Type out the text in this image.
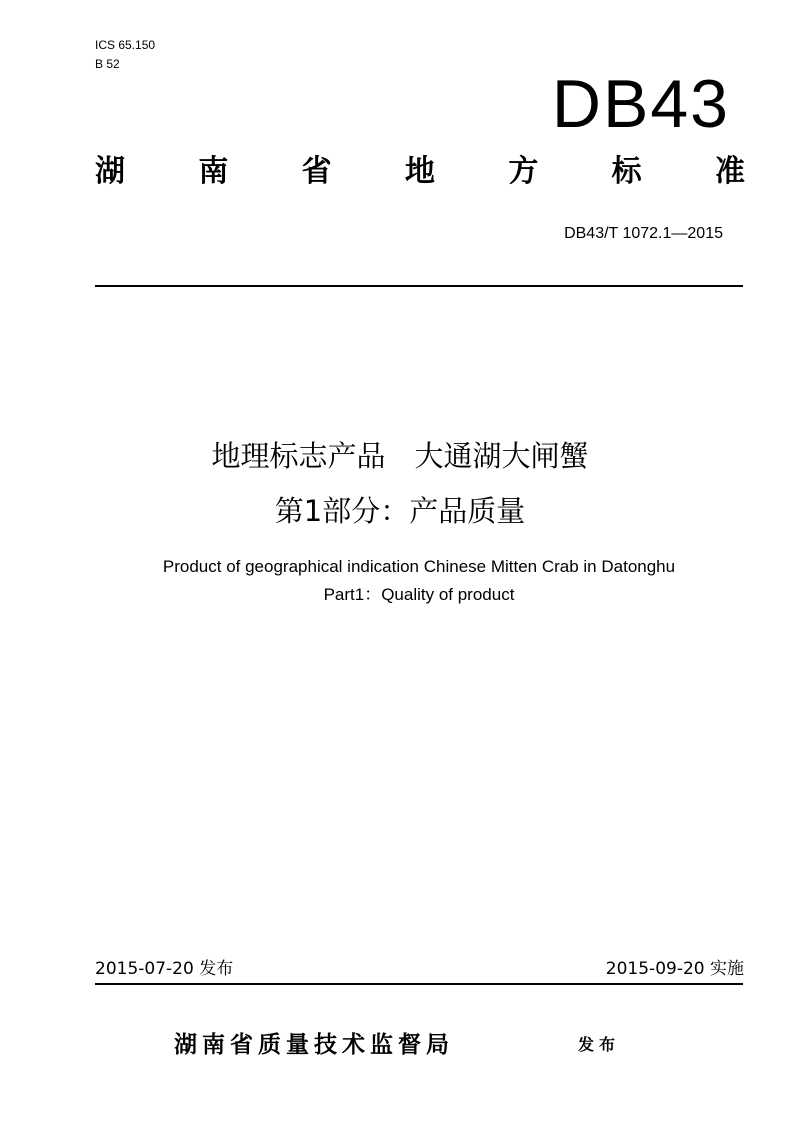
ICS 65.150
B 52
DB43
湖 南 省 地 方 标 准
DB43/T 1072.1—2015
地理标志产品　大通湖大闸蟹
第1部分：产品质量
Product of geographical indication Chinese Mitten Crab in Datonghu
Part1：Quality of product
2015-07-20 发布	2015-09-20 实施
湖南省质量技术监督局	发布
